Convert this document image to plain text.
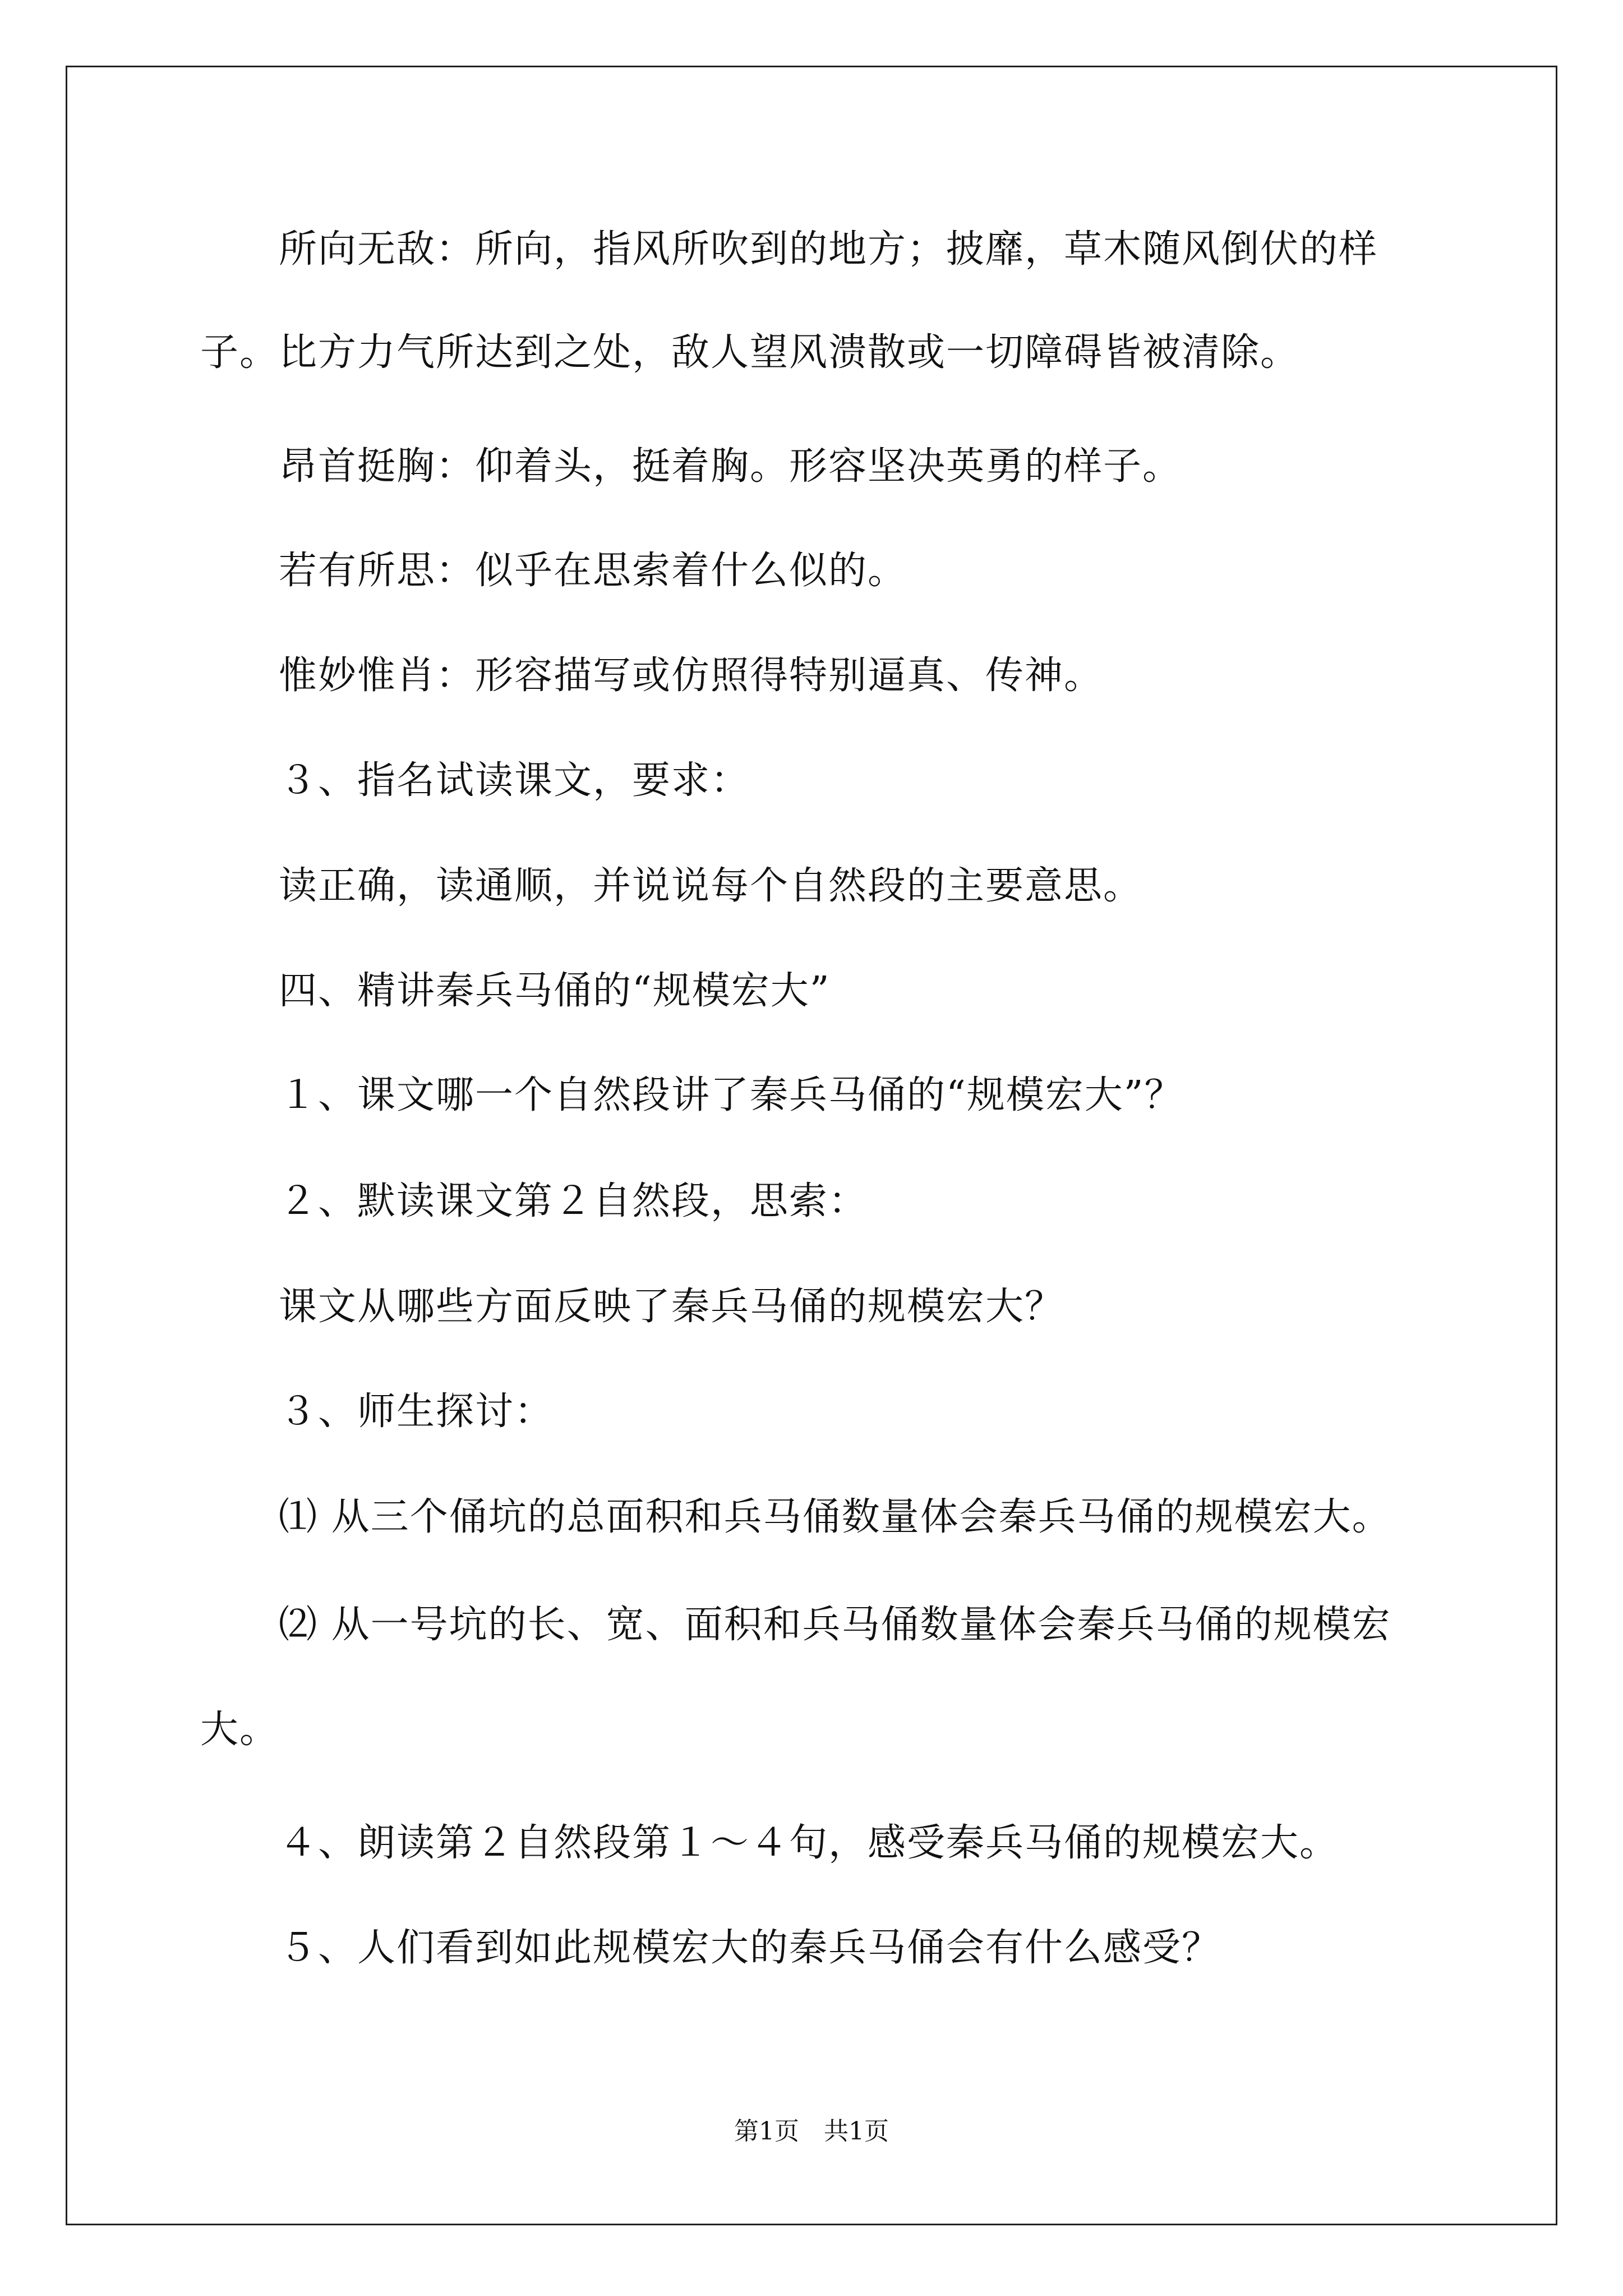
所向无敌：所向，指风所吹到的地方；披靡，草木随风倒伏的样
子。比方力气所达到之处，敌人望风溃散或一切障碍皆被清除。
昂首挺胸：仰着头，挺着胸。形容坚决英勇的样子。
若有所思：似乎在思索着什么似的。
惟妙惟肖：形容描写或仿照得特别逼真、传神。
３、指名试读课文，要求：
读正确，读通顺，并说说每个自然段的主要意思。
四、精讲秦兵马俑的“规模宏大”
１、课文哪一个自然段讲了秦兵马俑的“规模宏大”？
２、默读课文第２自然段，思索：
课文从哪些方面反映了秦兵马俑的规模宏大？
３、师生探讨：
⑴ 从三个俑坑的总面积和兵马俑数量体会秦兵马俑的规模宏大。
⑵ 从一号坑的长、宽、面积和兵马俑数量体会秦兵马俑的规模宏
大。
４、朗读第２自然段第１～４句，感受秦兵马俑的规模宏大。
５、人们看到如此规模宏大的秦兵马俑会有什么感受？
第1页　共1页
